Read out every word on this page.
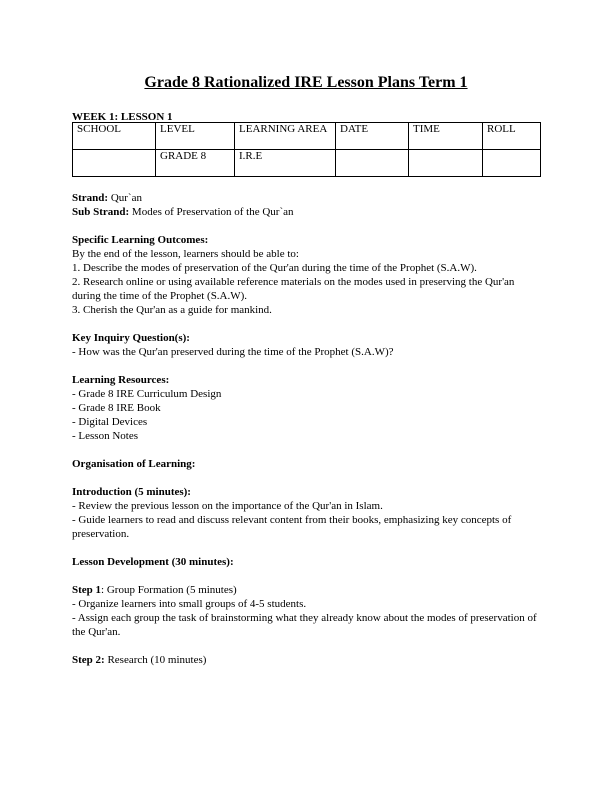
Grade 8 Rationalized IRE Lesson Plans Term 1
WEEK 1: LESSON 1
SCHOOL	LEVEL	LEARNING AREA	DATE	TIME	ROLL
	GRADE 8	I.R.E			

Strand: Qur`an

Sub Strand: Modes of Preservation of the Qur`an

Specific Learning Outcomes:

By the end of the lesson, learners should be able to:

1. Describe the modes of preservation of the Qur'an during the time of the Prophet (S.A.W).

2. Research online or using available reference materials on the modes used in preserving the Qur'an during the time of the Prophet (S.A.W).

3. Cherish the Qur'an as a guide for mankind.

Key Inquiry Question(s):

- How was the Qur'an preserved during the time of the Prophet (S.A.W)?

Learning Resources:

- Grade 8 IRE Curriculum Design

- Grade 8 IRE Book

- Digital Devices

- Lesson Notes

Organisation of Learning:

Introduction (5 minutes):

- Review the previous lesson on the importance of the Qur'an in Islam.

- Guide learners to read and discuss relevant content from their books, emphasizing key concepts of preservation.

Lesson Development (30 minutes):

Step 1: Group Formation (5 minutes)

- Organize learners into small groups of 4-5 students.

- Assign each group the task of brainstorming what they already know about the modes of preservation of the Qur'an.

Step 2: Research (10 minutes)
